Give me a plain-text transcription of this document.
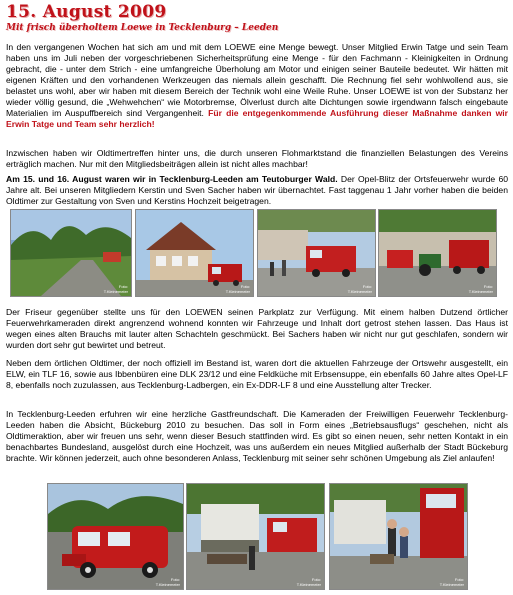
15. August 2009
Mit frisch überholtem Loewe in Tecklenburg – Leeden

In den vergangenen Wochen hat sich am und mit dem LOEWE eine Menge bewegt. Unser Mitglied Erwin Tatge und sein Team haben uns im Juli neben der vorgeschriebenen Sicherheitsprüfung eine Menge - für den Fachmann - Kleinigkeiten in Ordnung gebracht, die - unter dem Strich - eine umfangreiche Überholung am Motor und einigen seiner Bauteile bedeutet. Wir hätten mit eigenen Kräften und den vorhandenen Werkzeugen das niemals allein geschafft. Die Rechnung fiel sehr wohlwollend aus, sie belastet uns wohl, aber wir haben mit diesem Bereich der Technik wohl eine Weile Ruhe. Unser LOEWE ist von der Substanz her wieder völlig gesund, die „Wehwehchen“ wie Motorbremse, Ölverlust durch alte Dichtungen sowie irgendwann falsch eingebaute Materialien im Auspuffbereich sind Vergangenheit. Für die entgegenkommende Ausführung dieser Maßnahme danken wir Erwin Tatge und Team sehr herzlich!

Inzwischen haben wir Oldtimertreffen hinter uns, die durch unseren Flohmarktstand die finanziellen Belastungen des Vereins erträglich machen. Nur mit den Mitgliedsbeiträgen allein ist nicht alles machbar!

Am 15. und 16. August waren wir in Tecklenburg-Leeden am Teutoburger Wald. Der Opel-Blitz der Ortsfeuerwehr wurde 60 Jahre alt. Bei unseren Mitgliedern Kerstin und Sven Sacher haben wir übernachtet. Fast taggenau 1 Jahr vorher haben die beiden Oldtimer zur Gestaltung von Sven und Kerstins Hochzeit beigetragen.

Foto:
T.Kleinemeier
Foto:
T.Kleinemeier
Foto:
T.Kleinemeier
Foto:
T.Kleinemeier

Der Friseur gegenüber stellte uns für den LOEWEN seinen Parkplatz zur Verfügung. Mit einem halben Dutzend örtlicher Feuerwehrkameraden direkt angrenzend wohnend konnten wir Fahrzeuge und Inhalt dort getrost stehen lassen. Das Haus ist wegen eines alten Brauchs mit lauter alten Schachteln geschmückt. Bei Sachers haben wir nicht nur gut geschlafen, sondern wir wurden dort sehr gut bewirtet und betreut.

Neben dem örtlichen Oldtimer, der noch offiziell im Bestand ist, waren dort die aktuellen Fahrzeuge der Ortswehr ausgestellt, ein ELW, ein TLF 16, sowie aus Ibbenbüren eine DLK 23/12 und eine Feldküche mit Erbsensuppe, ein ebenfalls 60 Jahre altes Opel-LF 8, ebenfalls noch zuzulassen, aus Tecklenburg-Ladbergen, ein Ex-DDR-LF 8 und eine Ausstellung alter Trecker.

In Tecklenburg-Leeden erfuhren wir eine herzliche Gastfreundschaft. Die Kameraden der Freiwilligen Feuerwehr Tecklenburg-Leeden haben die Absicht, Bückeburg 2010 zu besuchen. Das soll in Form eines „Betriebsausflugs“ geschehen, nicht als Oldtimeraktion, aber wir freuen uns sehr, wenn dieser Besuch stattfinden wird. Es gibt so einen neuen, sehr netten Kontakt in ein benachbartes Bundesland, ausgelöst durch eine Hochzeit, was uns außerdem ein neues Mitglied außerhalb der Stadt Bückeburg brachte. Wir können jederzeit, auch ohne besonderen Anlass, Tecklenburg mit seiner sehr schönen Umgebung als Ziel anlaufen!

Foto:
T.Kleinemeier
Foto:
T.Kleinemeier
Foto:
T.Kleinemeier
